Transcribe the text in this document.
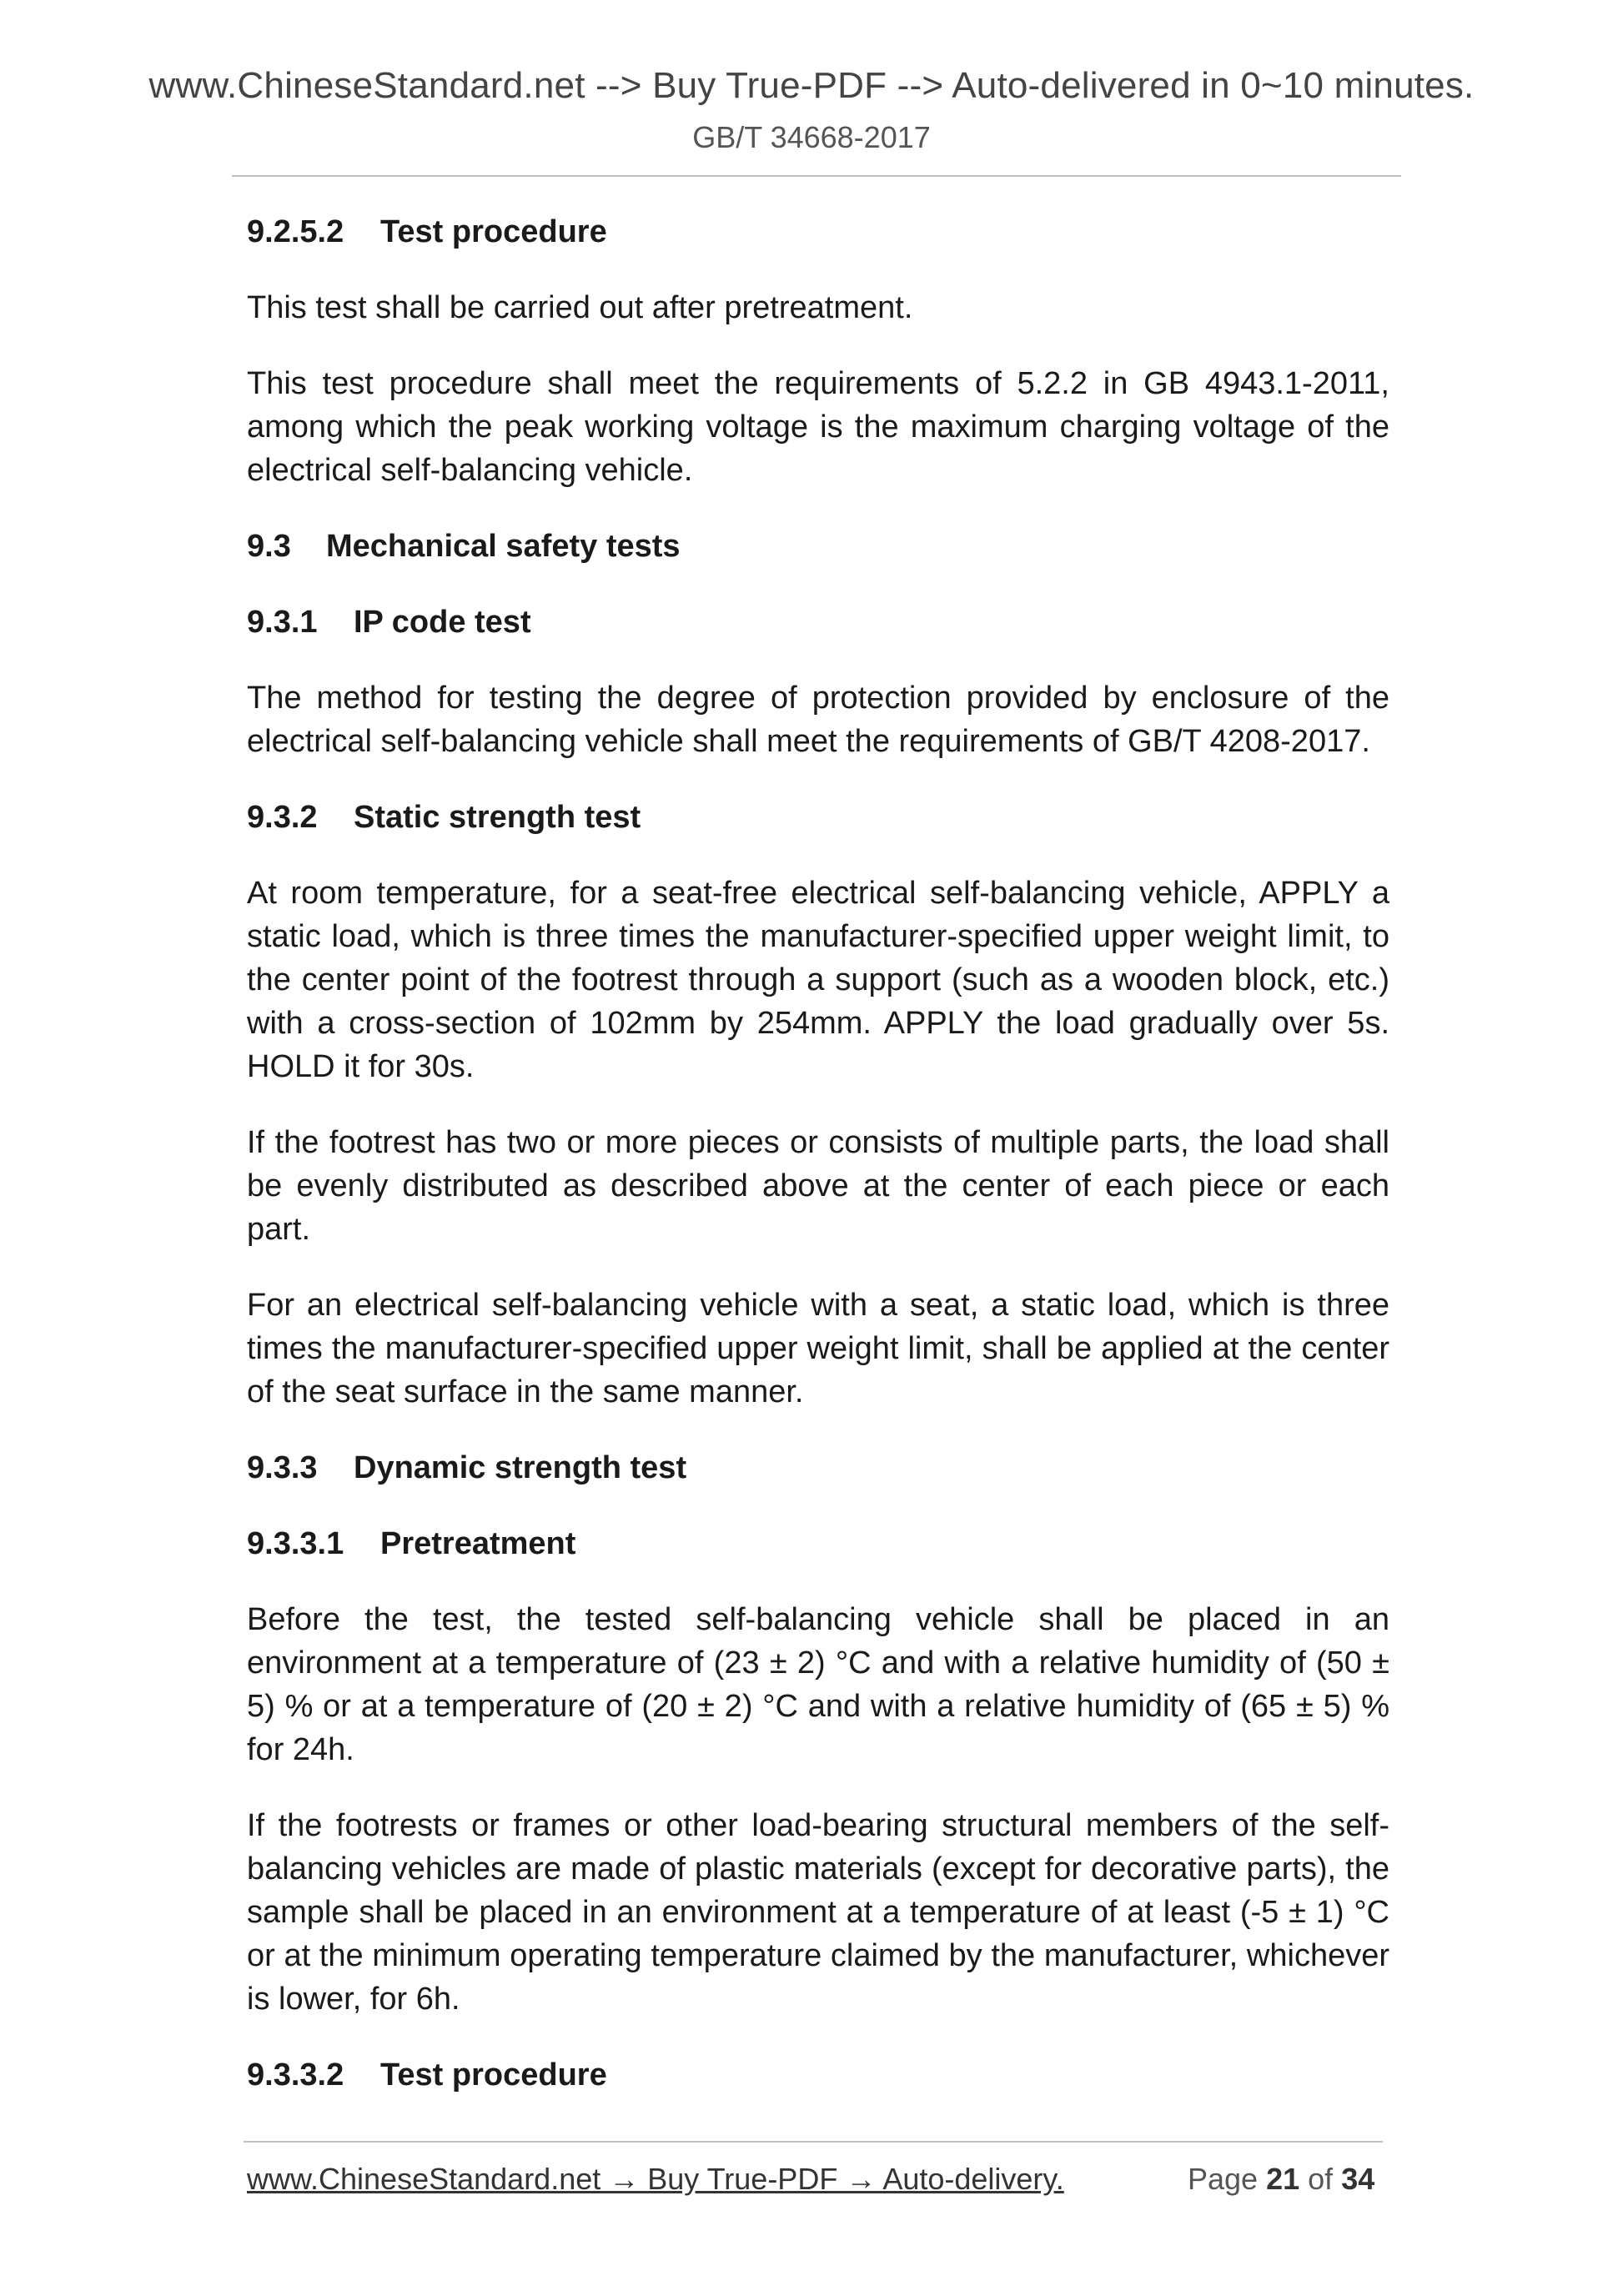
www.ChineseStandard.net --> Buy True-PDF --> Auto-delivered in 0~10 minutes.
GB/T 34668-2017
9.2.5.2 Test procedure

This test shall be carried out after pretreatment.

This test procedure shall meet the requirements of 5.2.2 in GB 4943.1-2011, among which the peak working voltage is the maximum charging voltage of the electrical self-balancing vehicle.

9.3 Mechanical safety tests
9.3.1 IP code test

The method for testing the degree of protection provided by enclosure of the electrical self-balancing vehicle shall meet the requirements of GB/T 4208-2017.

9.3.2 Static strength test

At room temperature, for a seat-free electrical self-balancing vehicle, APPLY a static load, which is three times the manufacturer-specified upper weight limit, to the center point of the footrest through a support (such as a wooden block, etc.) with a cross-section of 102mm by 254mm. APPLY the load gradually over 5s. HOLD it for 30s.

If the footrest has two or more pieces or consists of multiple parts, the load shall be evenly distributed as described above at the center of each piece or each part.

For an electrical self-balancing vehicle with a seat, a static load, which is three times the manufacturer-specified upper weight limit, shall be applied at the center of the seat surface in the same manner.

9.3.3 Dynamic strength test
9.3.3.1 Pretreatment

Before the test, the tested self-balancing vehicle shall be placed in an environment at a temperature of (23 ± 2) °C and with a relative humidity of (50 ± 5) % or at a temperature of (20 ± 2) °C and with a relative humidity of (65 ± 5) % for 24h.

If the footrests or frames or other load-bearing structural members of the self-balancing vehicles are made of plastic materials (except for decorative parts), the sample shall be placed in an environment at a temperature of at least (-5 ± 1) °C or at the minimum operating temperature claimed by the manufacturer, whichever is lower, for 6h.

9.3.3.2 Test procedure
www.ChineseStandard.net → Buy True-PDF → Auto-delivery.	Page 21 of 34
